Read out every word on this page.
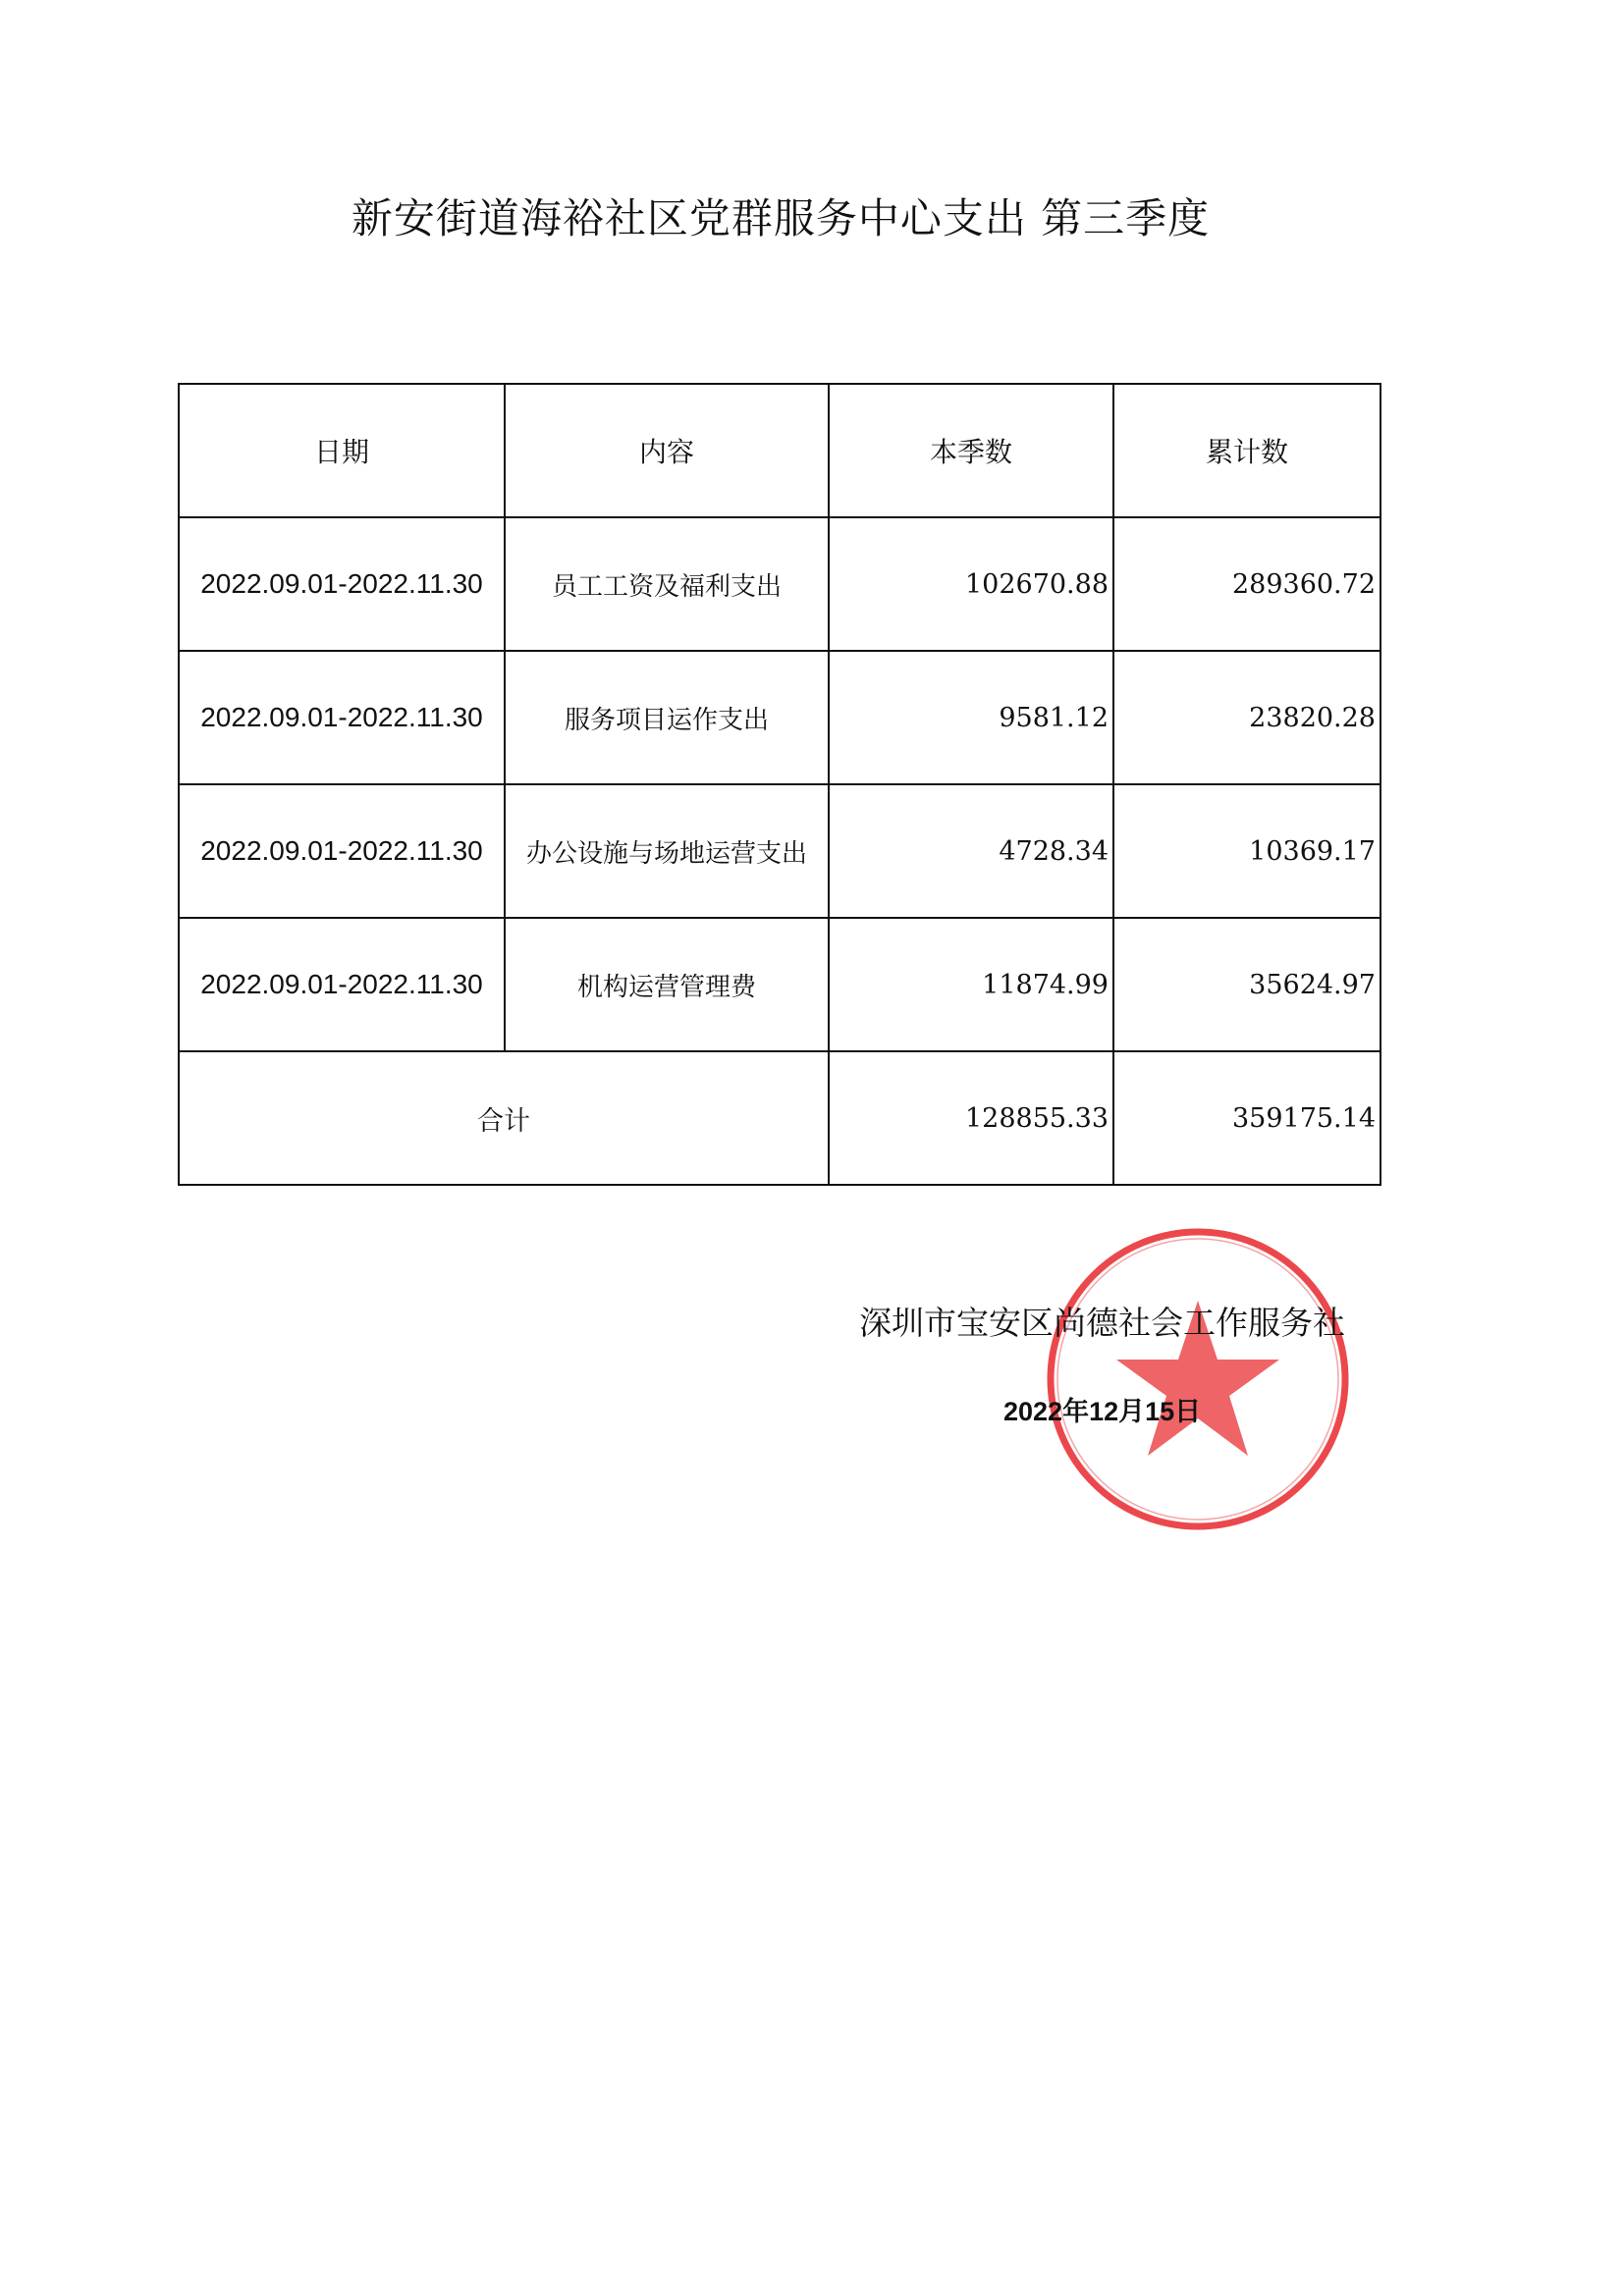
新安街道海裕社区党群服务中心支出 第三季度
日期	内容	本季数	累计数
2022.09.01-2022.11.30	员工工资及福利支出	102670.88	289360.72
2022.09.01-2022.11.30	服务项目运作支出	9581.12	23820.28
2022.09.01-2022.11.30	办公设施与场地运营支出	4728.34	10369.17
2022.09.01-2022.11.30	机构运营管理费	11874.99	35624.97
合计		128855.33	359175.14
深圳市宝安区尚德社会工作服务社
2022年12月15日
